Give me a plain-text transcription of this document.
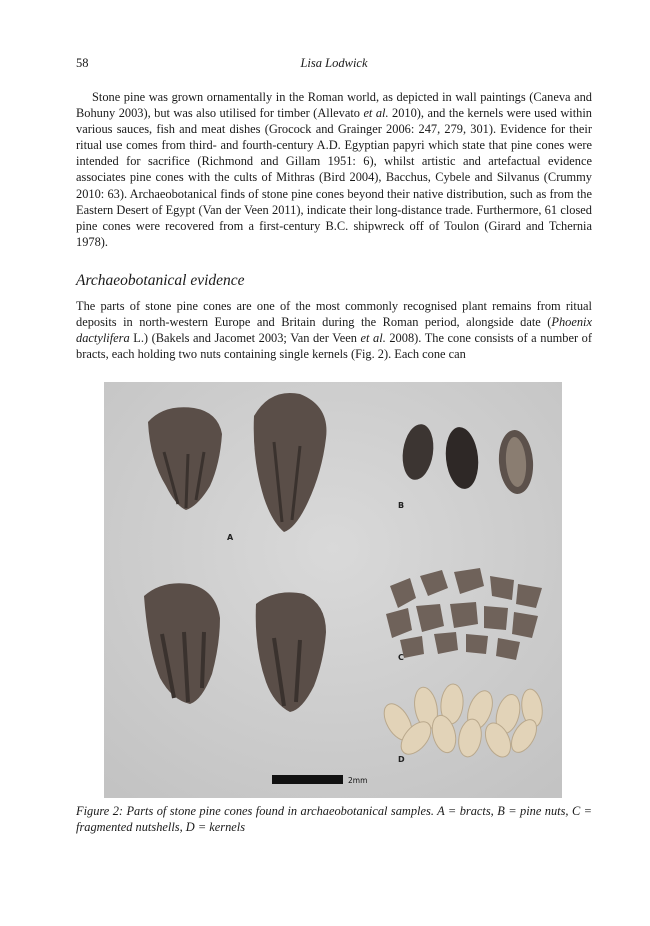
58	Lisa Lodwick

Stone pine was grown ornamentally in the Roman world, as depicted in wall paintings (Caneva and Bohuny 2003), but was also utilised for timber (Allevato et al. 2010), and the kernels were used within various sauces, fish and meat dishes (Grocock and Grainger 2006: 247, 279, 301). Evidence for their ritual use comes from third- and fourth-century A.D. Egyptian papyri which state that pine cones were intended for sacrifice (Richmond and Gillam 1951: 6), whilst artistic and artefactual evidence associates pine cones with the cults of Mithras (Bird 2004), Bacchus, Cybele and Silvanus (Crummy 2010: 63). Archaeobotanical finds of stone pine cones beyond their native distribution, such as from the Eastern Desert of Egypt (Van der Veen 2011), indicate their long-distance trade. Furthermore, 61 closed pine cones were recovered from a first-century B.C. shipwreck off of Toulon (Girard and Tchernia 1978).

Archaeobotanical evidence

The parts of stone pine cones are one of the most commonly recognised plant remains from ritual deposits in north-western Europe and Britain during the Roman period, alongside date (Phoenix dactylifera L.) (Bakels and Jacomet 2003; Van der Veen et al. 2008). The cone consists of a number of bracts, each holding two nuts containing single kernels (Fig. 2). Each cone can

A
B
C
D
2mm

Figure 2: Parts of stone pine cones found in archaeobotanical samples. A = bracts, B = pine nuts, C = fragmented nutshells, D = kernels
